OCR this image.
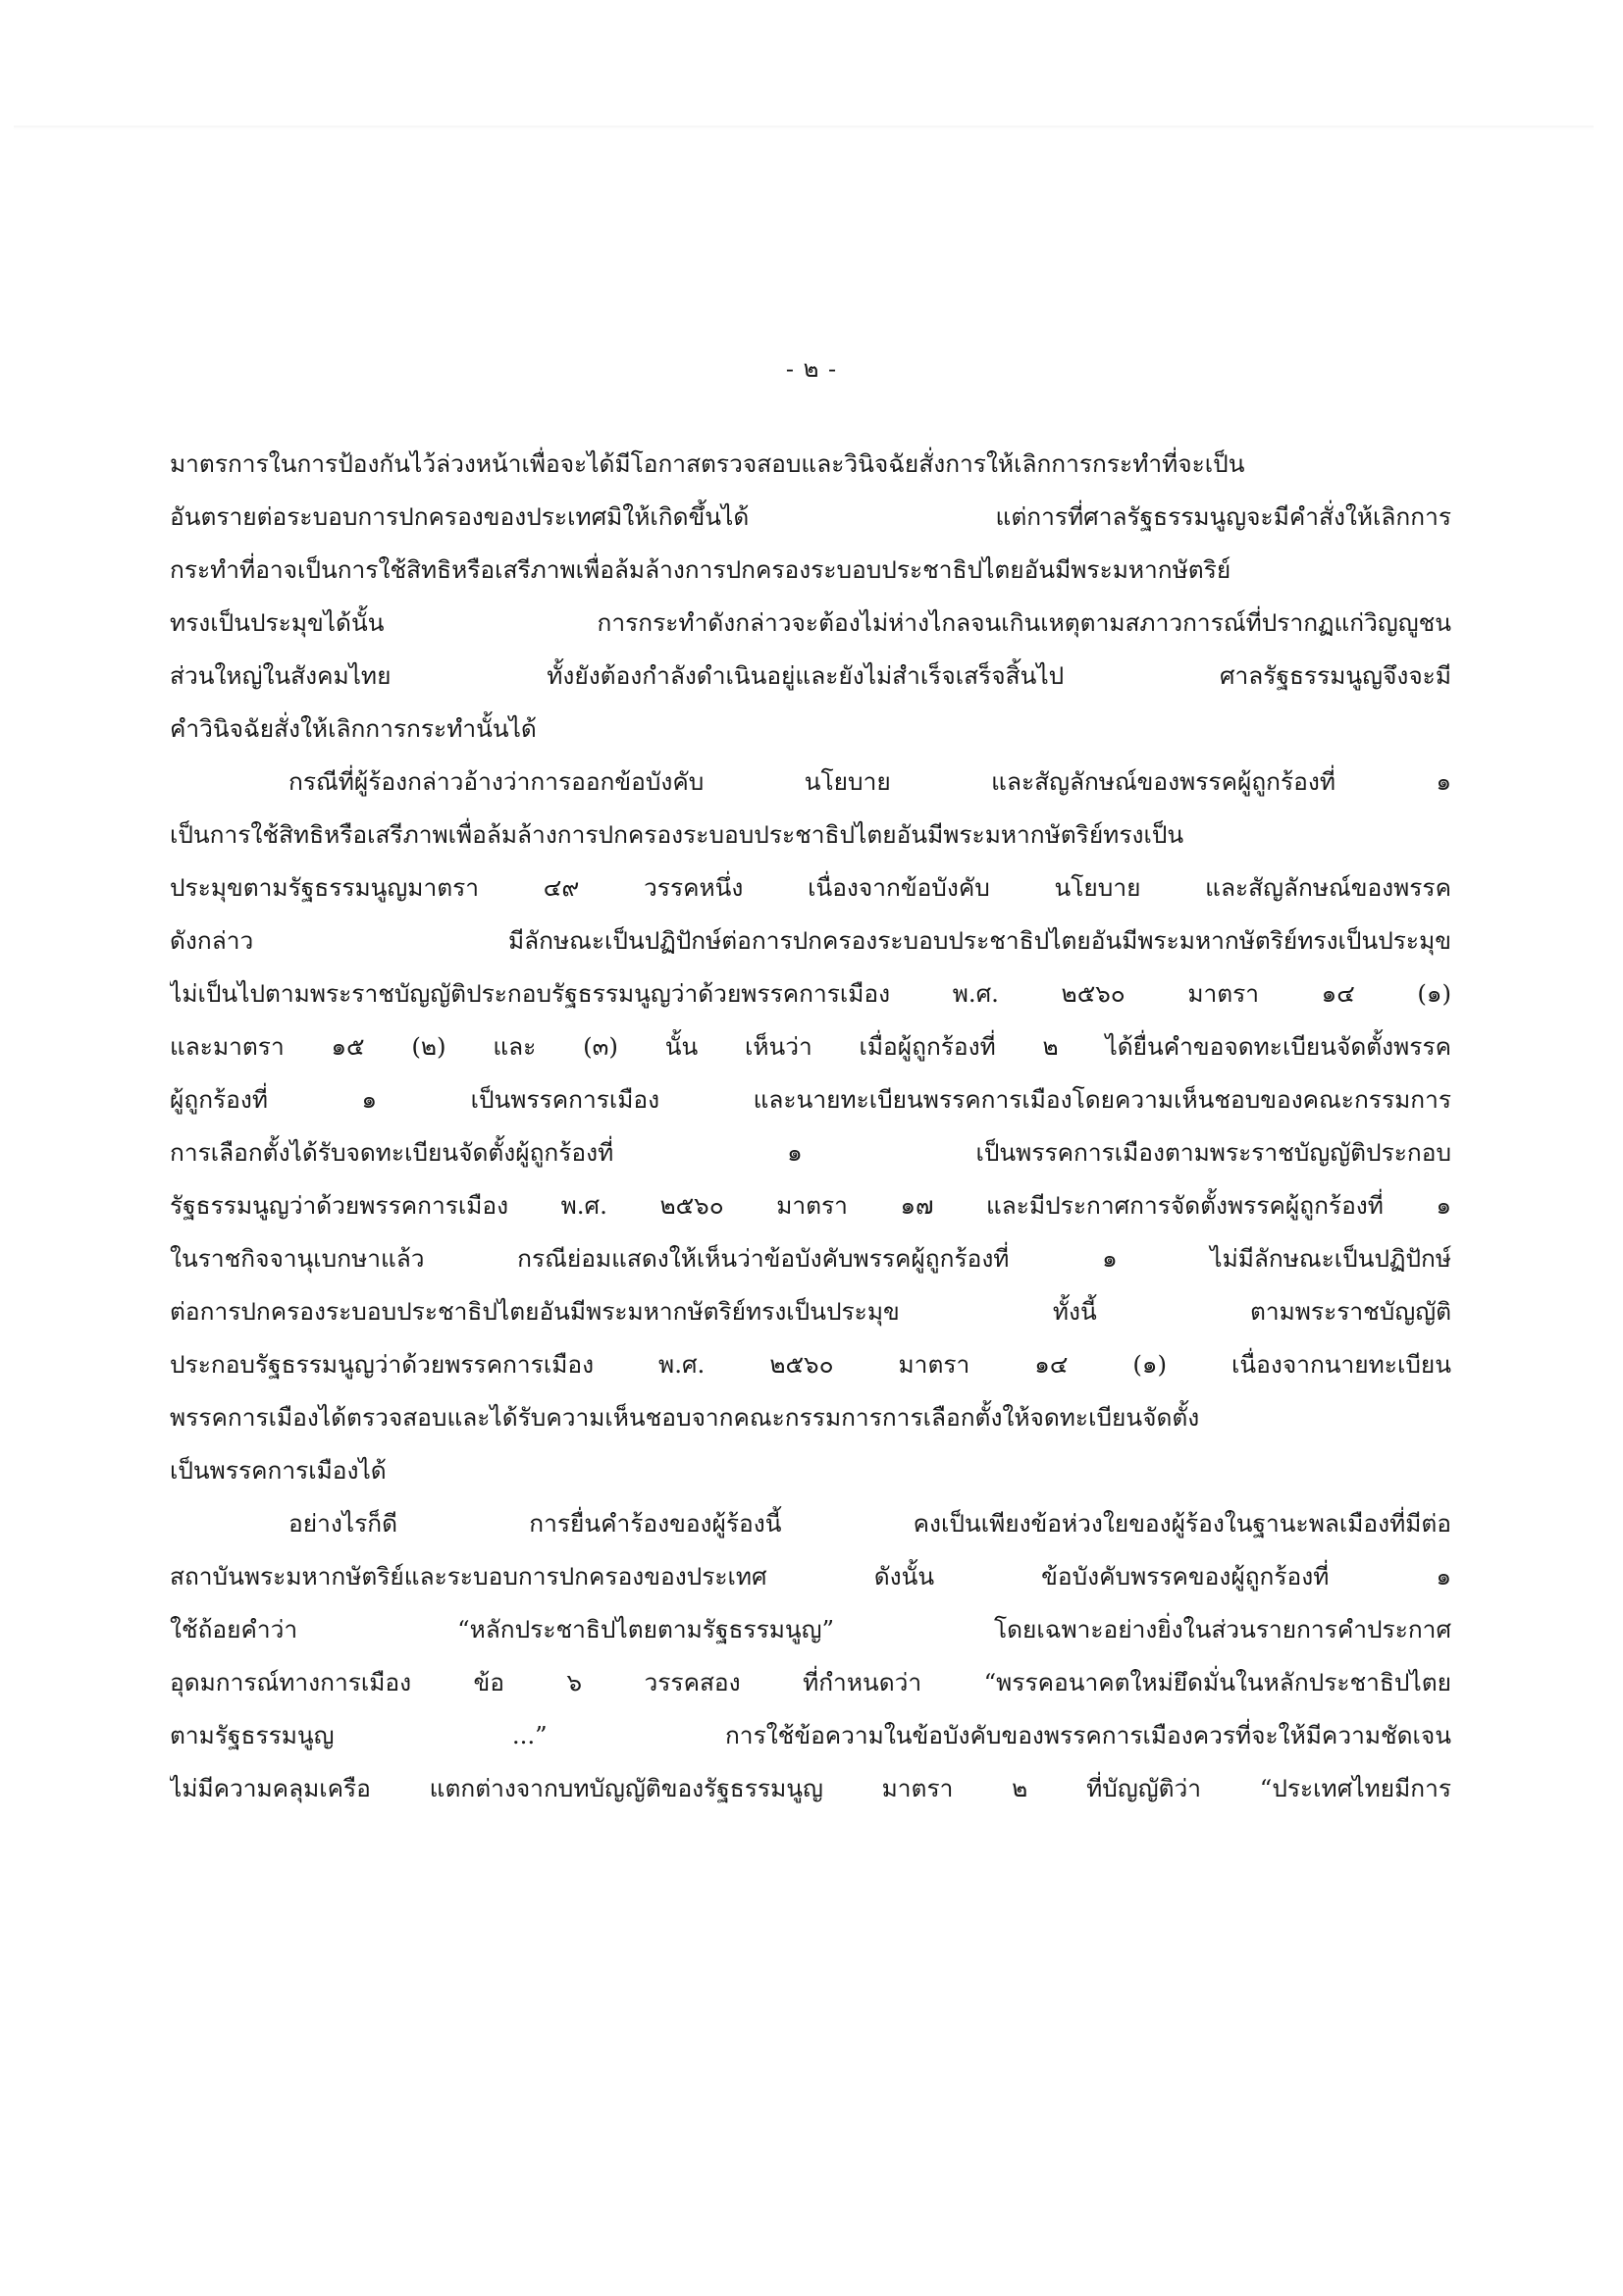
- ๒ -
มาตรการในการป้องกันไว้ล่วงหน้าเพื่อจะได้มีโอกาสตรวจสอบและวินิจฉัยสั่งการให้เลิกการกระทำที่จะเป็น
อันตรายต่อระบอบการปกครองของประเทศมิให้เกิดขึ้นได้ แต่การที่ศาลรัฐธรรมนูญจะมีคำสั่งให้เลิกการ
กระทำที่อาจเป็นการใช้สิทธิหรือเสรีภาพเพื่อล้มล้างการปกครองระบอบประชาธิปไตยอันมีพระมหากษัตริย์
ทรงเป็นประมุขได้นั้น การกระทำดังกล่าวจะต้องไม่ห่างไกลจนเกินเหตุตามสภาวการณ์ที่ปรากฏแก่วิญญูชน
ส่วนใหญ่ในสังคมไทย ทั้งยังต้องกำลังดำเนินอยู่และยังไม่สำเร็จเสร็จสิ้นไป ศาลรัฐธรรมนูญจึงจะมี
คำวินิจฉัยสั่งให้เลิกการกระทำนั้นได้
กรณีที่ผู้ร้องกล่าวอ้างว่าการออกข้อบังคับ นโยบาย และสัญลักษณ์ของพรรคผู้ถูกร้องที่ ๑
เป็นการใช้สิทธิหรือเสรีภาพเพื่อล้มล้างการปกครองระบอบประชาธิปไตยอันมีพระมหากษัตริย์ทรงเป็น
ประมุขตามรัฐธรรมนูญมาตรา ๔๙ วรรคหนึ่ง เนื่องจากข้อบังคับ นโยบาย และสัญลักษณ์ของพรรค
ดังกล่าว มีลักษณะเป็นปฏิปักษ์ต่อการปกครองระบอบประชาธิปไตยอันมีพระมหากษัตริย์ทรงเป็นประมุข
ไม่เป็นไปตามพระราชบัญญัติประกอบรัฐธรรมนูญว่าด้วยพรรคการเมือง พ.ศ. ๒๕๖๐ มาตรา ๑๔ (๑)
และมาตรา ๑๕ (๒) และ (๓) นั้น เห็นว่า เมื่อผู้ถูกร้องที่ ๒ ได้ยื่นคำขอจดทะเบียนจัดตั้งพรรค
ผู้ถูกร้องที่ ๑ เป็นพรรคการเมือง และนายทะเบียนพรรคการเมืองโดยความเห็นชอบของคณะกรรมการ
การเลือกตั้งได้รับจดทะเบียนจัดตั้งผู้ถูกร้องที่ ๑ เป็นพรรคการเมืองตามพระราชบัญญัติประกอบ
รัฐธรรมนูญว่าด้วยพรรคการเมือง พ.ศ. ๒๕๖๐ มาตรา ๑๗ และมีประกาศการจัดตั้งพรรคผู้ถูกร้องที่ ๑
ในราชกิจจานุเบกษาแล้ว กรณีย่อมแสดงให้เห็นว่าข้อบังคับพรรคผู้ถูกร้องที่ ๑ ไม่มีลักษณะเป็นปฏิปักษ์
ต่อการปกครองระบอบประชาธิปไตยอันมีพระมหากษัตริย์ทรงเป็นประมุข ทั้งนี้ ตามพระราชบัญญัติ
ประกอบรัฐธรรมนูญว่าด้วยพรรคการเมือง พ.ศ. ๒๕๖๐ มาตรา ๑๔ (๑) เนื่องจากนายทะเบียน
พรรคการเมืองได้ตรวจสอบและได้รับความเห็นชอบจากคณะกรรมการการเลือกตั้งให้จดทะเบียนจัดตั้ง
เป็นพรรคการเมืองได้
อย่างไรก็ดี การยื่นคำร้องของผู้ร้องนี้ คงเป็นเพียงข้อห่วงใยของผู้ร้องในฐานะพลเมืองที่มีต่อ
สถาบันพระมหากษัตริย์และระบอบการปกครองของประเทศ ดังนั้น ข้อบังคับพรรคของผู้ถูกร้องที่ ๑
ใช้ถ้อยคำว่า “หลักประชาธิปไตยตามรัฐธรรมนูญ” โดยเฉพาะอย่างยิ่งในส่วนรายการคำประกาศ
อุดมการณ์ทางการเมือง ข้อ ๖ วรรคสอง ที่กำหนดว่า “พรรคอนาคตใหม่ยึดมั่นในหลักประชาธิปไตย
ตามรัฐธรรมนูญ ...” การใช้ข้อความในข้อบังคับของพรรคการเมืองควรที่จะให้มีความชัดเจน
ไม่มีความคลุมเครือ แตกต่างจากบทบัญญัติของรัฐธรรมนูญ มาตรา ๒ ที่บัญญัติว่า “ประเทศไทยมีการ
